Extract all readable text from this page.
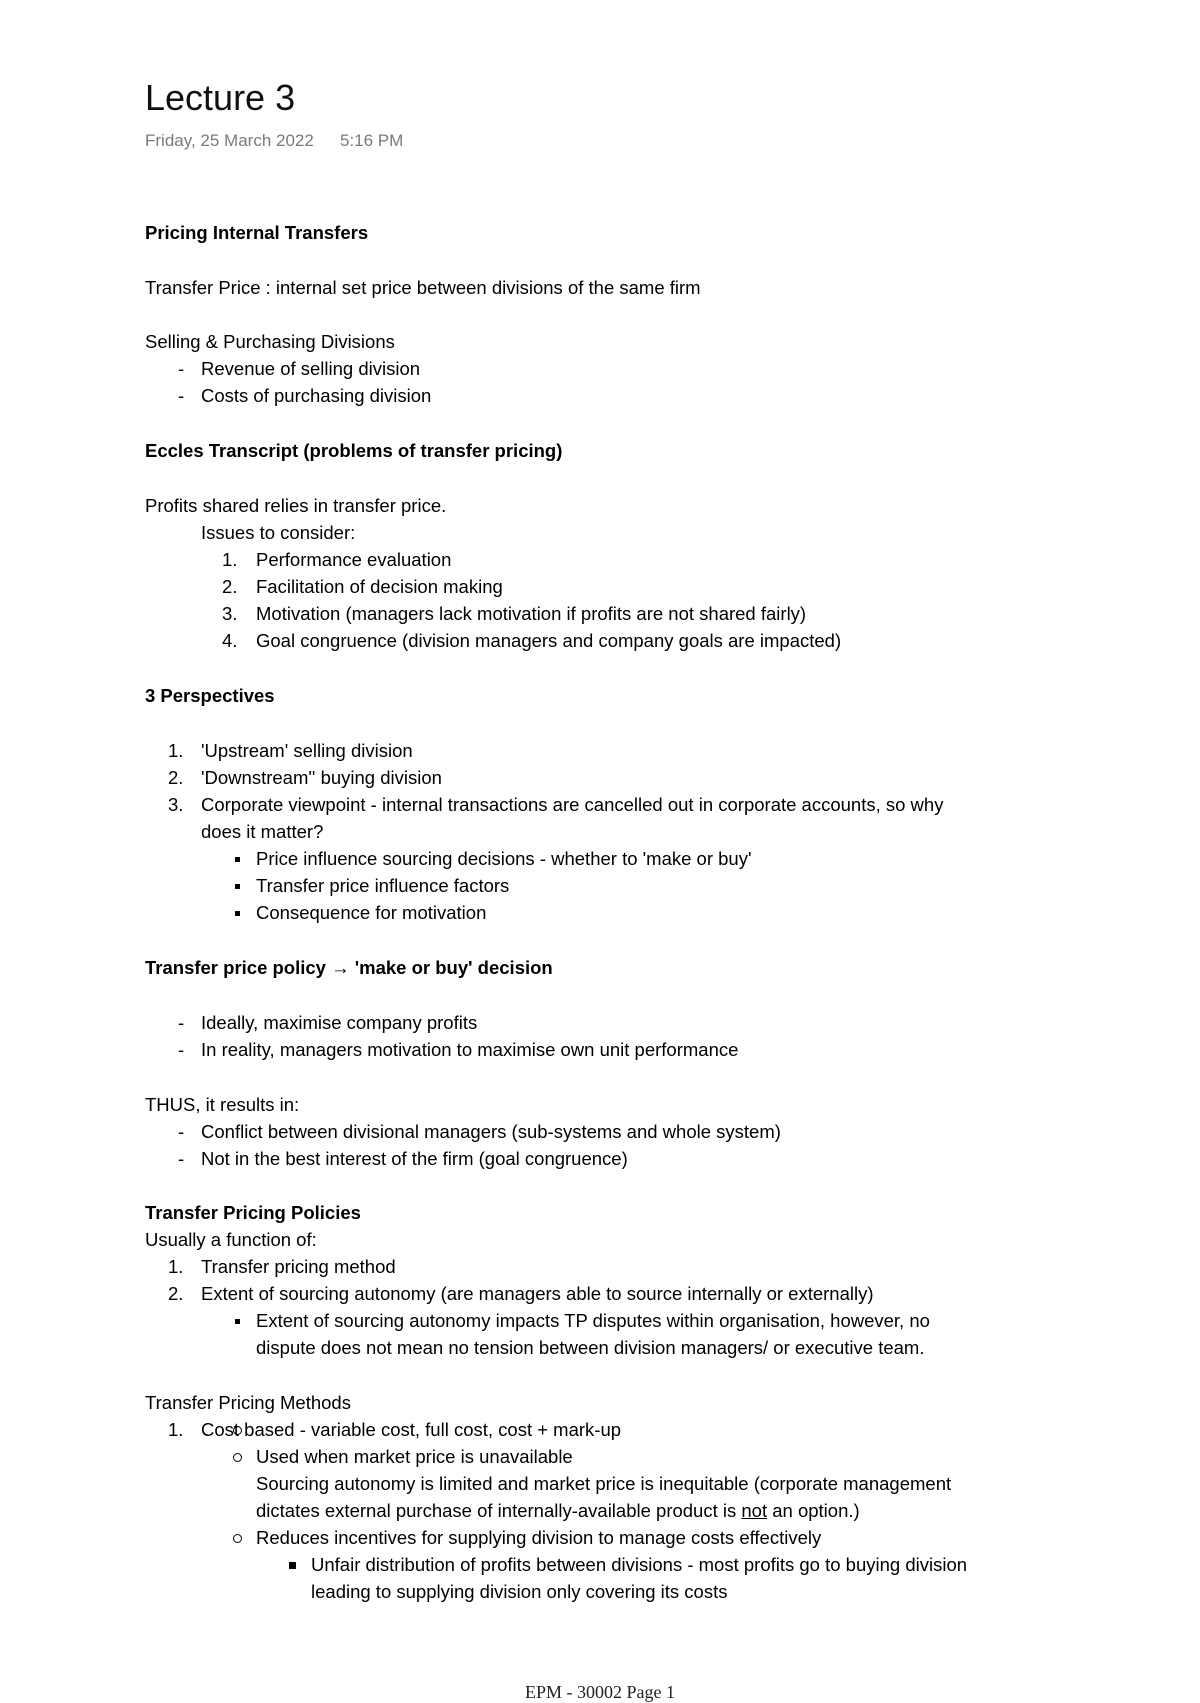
Lecture 3
Friday, 25 March 2022 5:16 PM
Pricing Internal Transfers
Transfer Price : internal set price between divisions of the same firm
Selling & Purchasing Divisions
- Revenue of selling division
- Costs of purchasing division
Eccles Transcript (problems of transfer pricing)
Profits shared relies in transfer price.
Issues to consider:
1. Performance evaluation
2. Facilitation of decision making
3. Motivation (managers lack motivation if profits are not shared fairly)
4. Goal congruence (division managers and company goals are impacted)
3 Perspectives
1. 'Upstream' selling division
2. 'Downstream'' buying division
3. Corporate viewpoint - internal transactions are cancelled out in corporate accounts, so why
does it matter?
Price influence sourcing decisions - whether to 'make or buy'
Transfer price influence factors
Consequence for motivation
Transfer price policy → 'make or buy' decision
- Ideally, maximise company profits
- In reality, managers motivation to maximise own unit performance
THUS, it results in:
- Conflict between divisional managers (sub-systems and whole system)
- Not in the best interest of the firm (goal congruence)
Transfer Pricing Policies
Usually a function of:
1. Transfer pricing method
2. Extent of sourcing autonomy (are managers able to source internally or externally)
Extent of sourcing autonomy impacts TP disputes within organisation, however, no
dispute does not mean no tension between division managers/ or executive team.
Transfer Pricing Methods
1. Cost based - variable cost, full cost, cost + mark-up
Used when market price is unavailable
Sourcing autonomy is limited and market price is inequitable (corporate management
dictates external purchase of internally-available product is not an option.)
Reduces incentives for supplying division to manage costs effectively
Unfair distribution of profits between divisions - most profits go to buying division
leading to supplying division only covering its costs
EPM - 30002 Page 1
